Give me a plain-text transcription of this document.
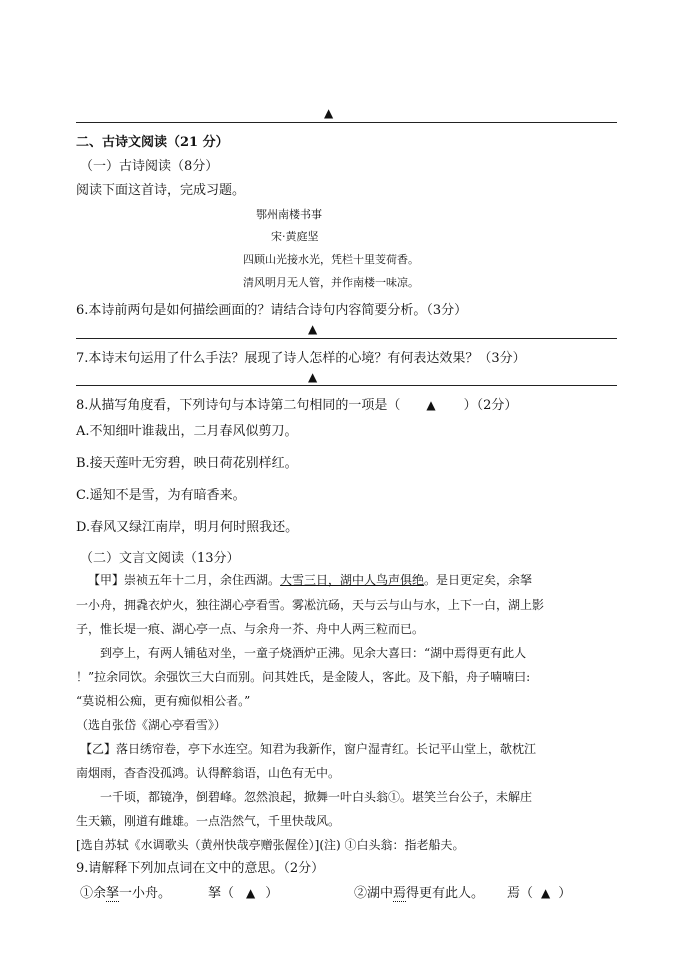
▲
二、古诗文阅读（21 分）
（一）古诗阅读（8分）
阅读下面这首诗，完成习题。
鄂州南楼书事
宋·黄庭坚
四顾山光接水光，凭栏十里芰荷香。
清风明月无人管，并作南楼一味凉。
6.本诗前两句是如何描绘画面的？请结合诗句内容简要分析。（3分）
▲
7.本诗末句运用了什么手法？展现了诗人怎样的心境？有何表达效果？（3分）
▲
8.从描写角度看，下列诗句与本诗第二句相同的一项是（ ▲ ）（2分）
A.不知细叶谁裁出，二月春风似剪刀。
B.接天莲叶无穷碧，映日荷花别样红。
C.遥知不是雪，为有暗香来。
D.春风又绿江南岸，明月何时照我还。
（二）文言文阅读（13分）
【甲】崇祯五年十二月，余住西湖。大雪三日，湖中人鸟声俱绝。是日更定矣，余拏
一小舟，拥毳衣炉火，独往湖心亭看雪。雾凇沆砀，天与云与山与水，上下一白，湖上影
子，惟长堤一痕、湖心亭一点、与余舟一芥、舟中人两三粒而已。
到亭上，有两人铺毡对坐，一童子烧酒炉正沸。见余大喜曰：“湖中焉得更有此人
！”拉余同饮。余强饮三大白而别。问其姓氏，是金陵人，客此。及下船，舟子喃喃曰:
“莫说相公痴，更有痴似相公者。”
（选自张岱《湖心亭看雪》）
【乙】落日绣帘卷，亭下水连空。知君为我新作，窗户湿青红。长记平山堂上，欹枕江
南烟雨，杳杳没孤鸿。认得醉翁语，山色有无中。
一千顷，都镜净，倒碧峰。忽然浪起，掀舞一叶白头翁①。堪笑兰台公子，未解庄
生天籁，刚道有雌雄。一点浩然气，千里快哉风。
[选自苏轼《水调歌头（黄州快哉亭赠张偓佺）](注) ①白头翁：指老船夫。
9.请解释下列加点词在文中的意思。（2分）
①余拏一小舟。	拏（ ▲ ）	②湖中焉得更有此人。 焉（ ▲ ）
